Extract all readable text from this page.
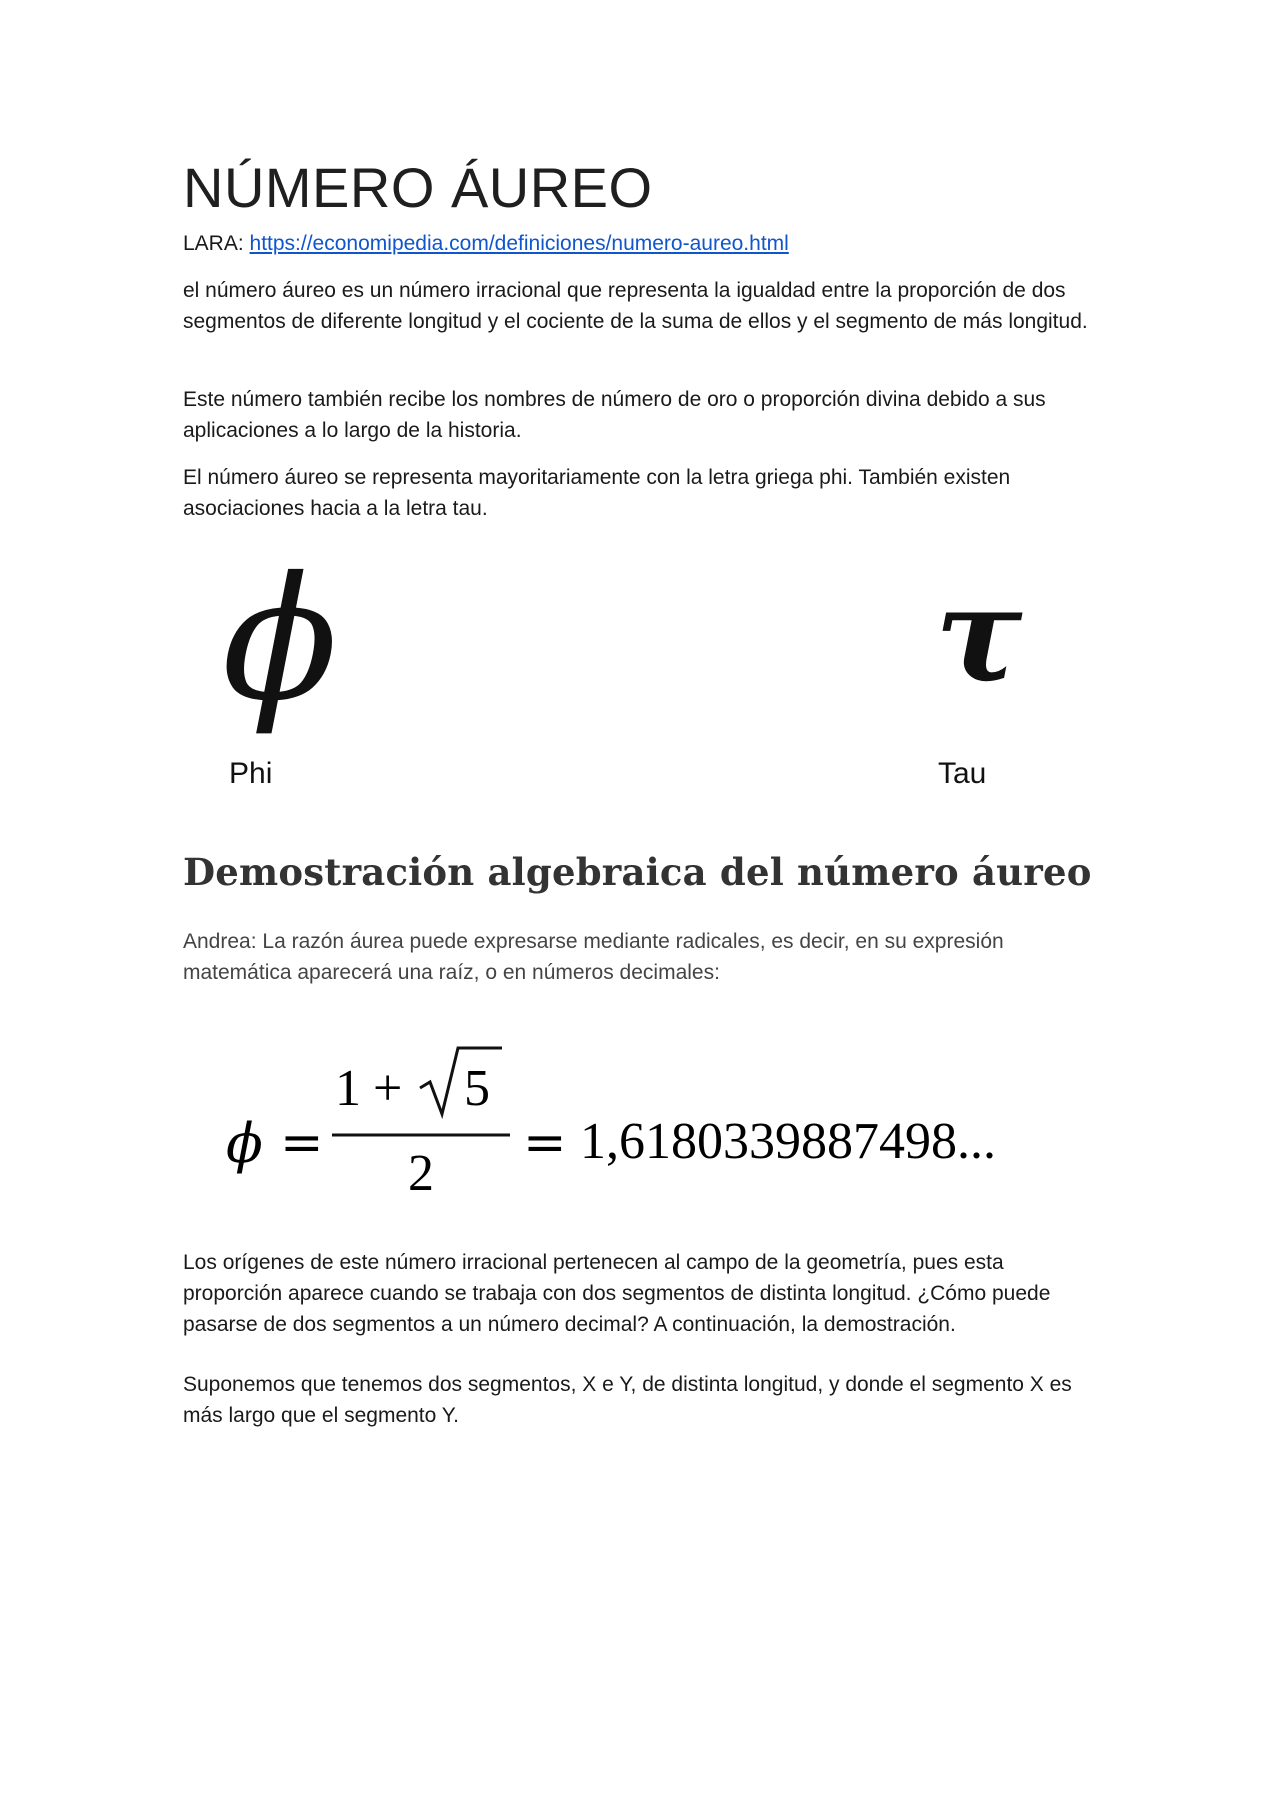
NÚMERO ÁUREO
LARA: https://economipedia.com/definiciones/numero-aureo.html

el número áureo es un número irracional que representa la igualdad entre la proporción de dos segmentos de diferente longitud y el cociente de la suma de ellos y el segmento de más longitud.

Este número también recibe los nombres de número de oro o proporción divina debido a sus aplicaciones a lo largo de la historia.

El número áureo se representa mayoritariamente con la letra griega phi. También existen asociaciones hacia a la letra tau.

ϕ
Phi
τ
Tau
Demostración algebraica del número áureo

Andrea: La razón áurea puede expresarse mediante radicales, es decir, en su expresión matemática aparecerá una raíz, o en números decimales:

ϕ =
1 + 5
2
= 1,6180339887498...

Los orígenes de este número irracional pertenecen al campo de la geometría, pues esta proporción aparece cuando se trabaja con dos segmentos de distinta longitud. ¿Cómo puede pasarse de dos segmentos a un número decimal? A continuación, la demostración.

Suponemos que tenemos dos segmentos, X e Y, de distinta longitud, y donde el segmento X es más largo que el segmento Y.
